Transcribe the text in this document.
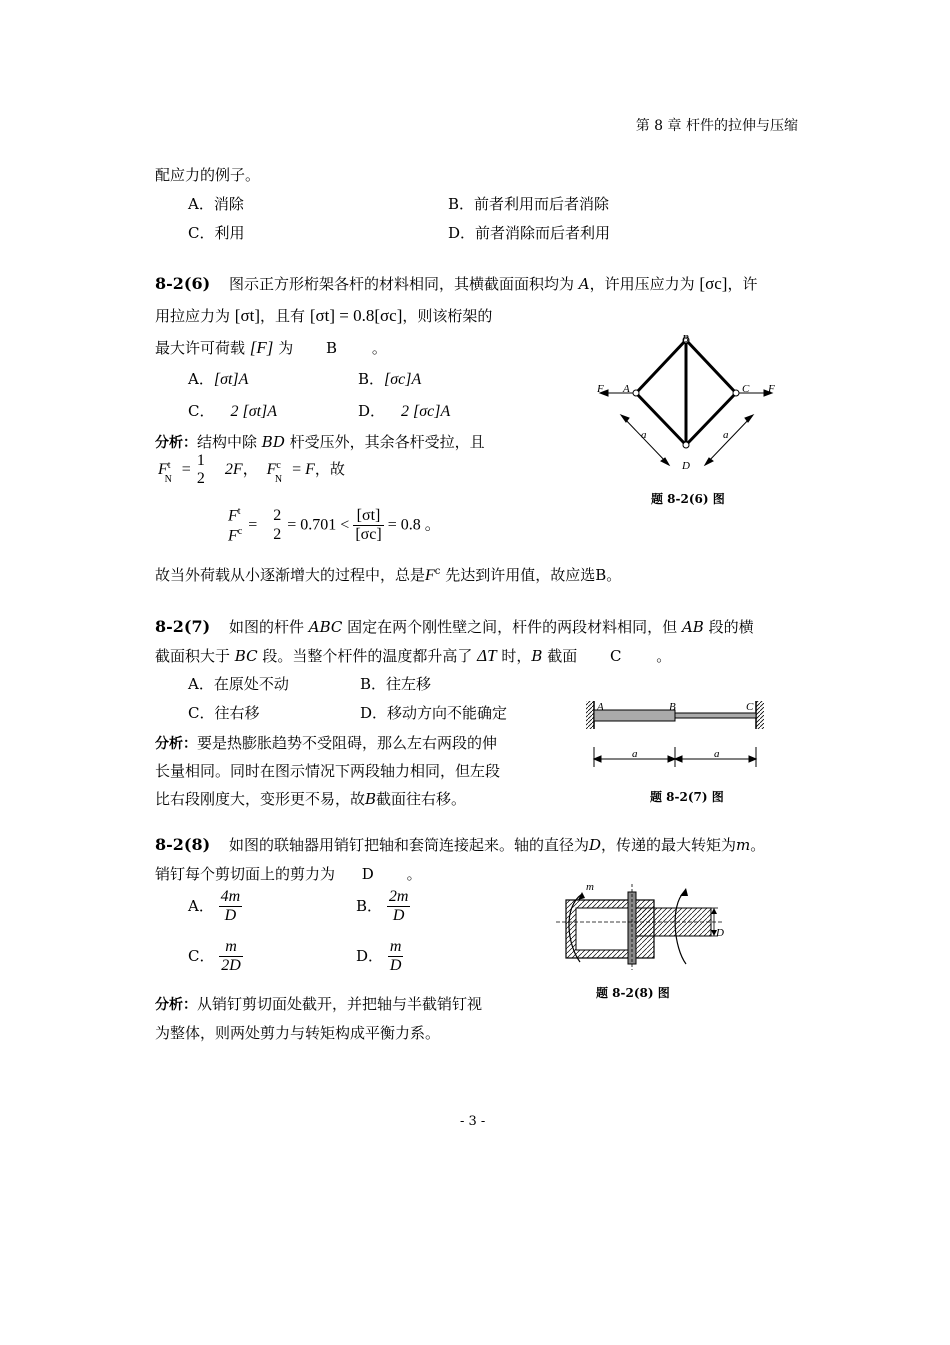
第 8 章 杆件的拉伸与压缩
配应力的例子。
A．消除	B．前者利用而后者消除
C．利用	D．前者消除而后者利用
8-2(6) 图示正方形桁架各杆的材料相同，其横截面面积均为 A，许用压应力为 [σc]，许
用拉应力为 [σt]，且有 [σt] = 0.8[σc]，则该桁架的
最大许可荷载 [F] 为 B 。
A．[σt]A	B．[σc]A
C． 2 [σt]A	D． 2 [σc]A
分析：结构中除 BD 杆受压外，其余各杆受拉，且
$F^t_N$ =
1
2
2F， $F^c_N = F$，故
$F^t$
$F^c$ =
2
2
= $0.701 < \frac{[\sigma t]}{[\sigma c]} = 0.8$ 。
故当外荷载从小逐渐增大的过程中，总是$F^c$ 先达到许用值，故应选B。
B
A	C
D
F	F
a	a
题 8-2(6) 图
8-2(7) 如图的杆件 ABC 固定在两个刚性壁之间，杆件的两段材料相同，但 AB 段的横
截面积大于 BC 段。当整个杆件的温度都升高了 ΔT 时，B 截面 C 。
A．在原处不动	B．往左移
C．往右移	D．移动方向不能确定
分析：要是热膨胀趋势不受阻碍，那么左右两段的伸
长量相同。同时在图示情况下两段轴力相同，但左段
比右段刚度大，变形更不易，故B截面往右移。
A	B	C
a	a
题 8-2(7) 图
8-2(8) 如图的联轴器用销钉把轴和套筒连接起来。轴的直径为D，传递的最大转矩为m。
销钉每个剪切面上的剪力为 D 。
A． $\frac{4m}{D}$	B． $\frac{2m}{D}$
C． $\frac{m}{2D}$	D． $\frac{m}{D}$
分析：从销钉剪切面处截开，并把轴与半截销钉视
为整体，则两处剪力与转矩构成平衡力系。
m
D
题 8-2(8) 图
- 3 -
